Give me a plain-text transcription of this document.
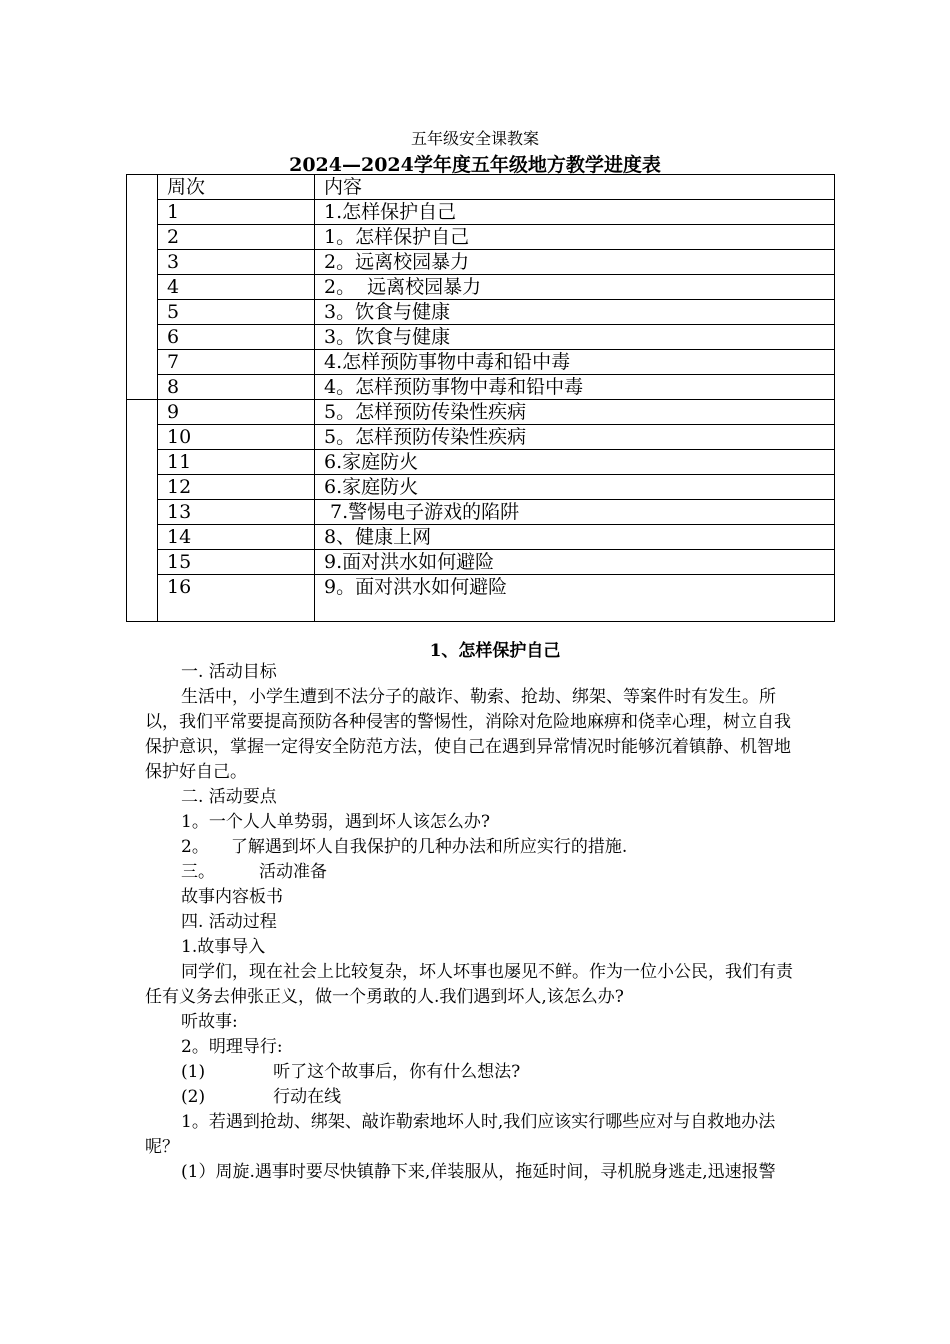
五年级安全课教案
2024—2024学年度五年级地方教学进度表
	周次	内容
	1	1.怎样保护自己
	2	1。怎样保护自己
	3	2。远离校园暴力
	4	2。  远离校园暴力
	5	3。饮食与健康
	6	3。饮食与健康
	7	4.怎样预防事物中毒和铅中毒
	8	4。怎样预防事物中毒和铅中毒
	9	5。怎样预防传染性疾病
	10	5。怎样预防传染性疾病
	11	6.家庭防火
	12	6.家庭防火
	13	7.警惕电子游戏的陷阱
	14	8、健康上网
	15	9.面对洪水如何避险
	16	9。面对洪水如何避险
1、怎样保护自己

一. 活动目标

生活中，小学生遭到不法分子的敲诈、勒索、抢劫、绑架、等案件时有发生。所以，我们平常要提高预防各种侵害的警惕性，消除对危险地麻痹和侥幸心理，树立自我保护意识，掌握一定得安全防范方法，使自己在遇到异常情况时能够沉着镇静、机智地保护好自己。

二. 活动要点

1。一个人人单势弱，遇到坏人该怎么办?

2。 了解遇到坏人自我保护的几种办法和所应实行的措施.

三。	活动准备

故事内容板书

四. 活动过程

1.故事导入

同学们，现在社会上比较复杂，坏人坏事也屡见不鲜。作为一位小公民，我们有责任有义务去伸张正义，做一个勇敢的人.我们遇到坏人,该怎么办?

听故事:

2。明理导行:

(1)	听了这个故事后，你有什么想法?

(2)	行动在线

1。若遇到抢劫、绑架、敲诈勒索地坏人时,我们应该实行哪些应对与自救地办法呢？

(1）周旋.遇事时要尽快镇静下来,佯装服从，拖延时间，寻机脱身逃走,迅速报警
